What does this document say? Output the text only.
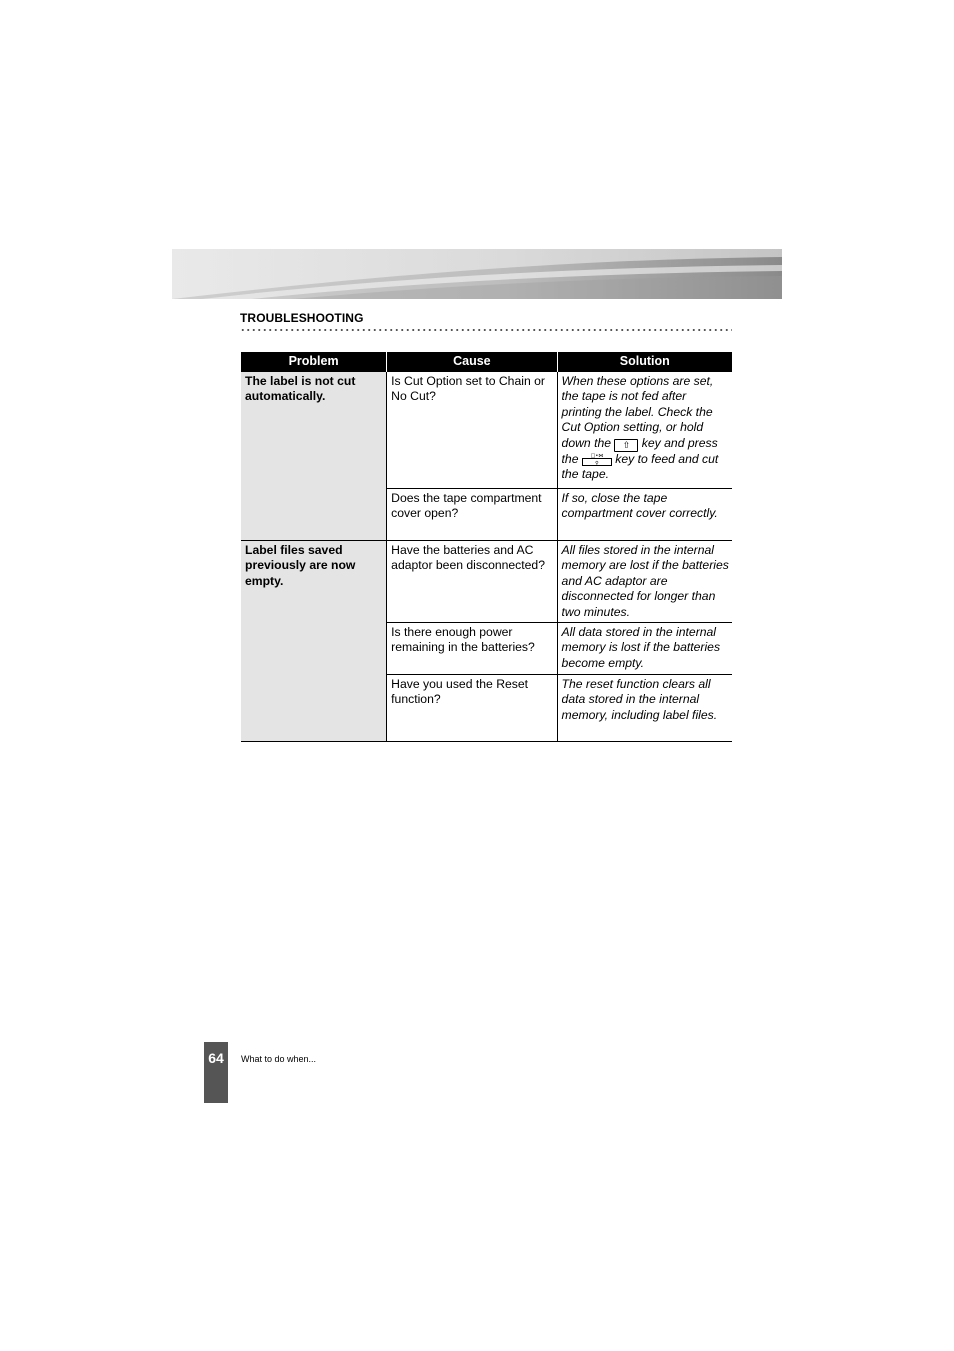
TROUBLESHOOTING
Problem	Cause	Solution
The label is not cut automatically.	Is Cut Option set to Chain or No Cut?	When these options are set, the tape is not fed after printing the label. Check the Cut Option setting, or hold down the ⇧ key and press the □•⋈
⚲ key to feed and cut the tape.
	Does the tape compartment cover open?	If so, close the tape compartment cover correctly.
Label files saved previously are now empty.	Have the batteries and AC adaptor been disconnected?	All files stored in the internal memory are lost if the batteries and AC adaptor are disconnected for longer than two minutes.
	Is there enough power remaining in the batteries?	All data stored in the internal memory is lost if the batteries become empty.
	Have you used the Reset function?	The reset function clears all data stored in the internal memory, including label files.
64	What to do when...
